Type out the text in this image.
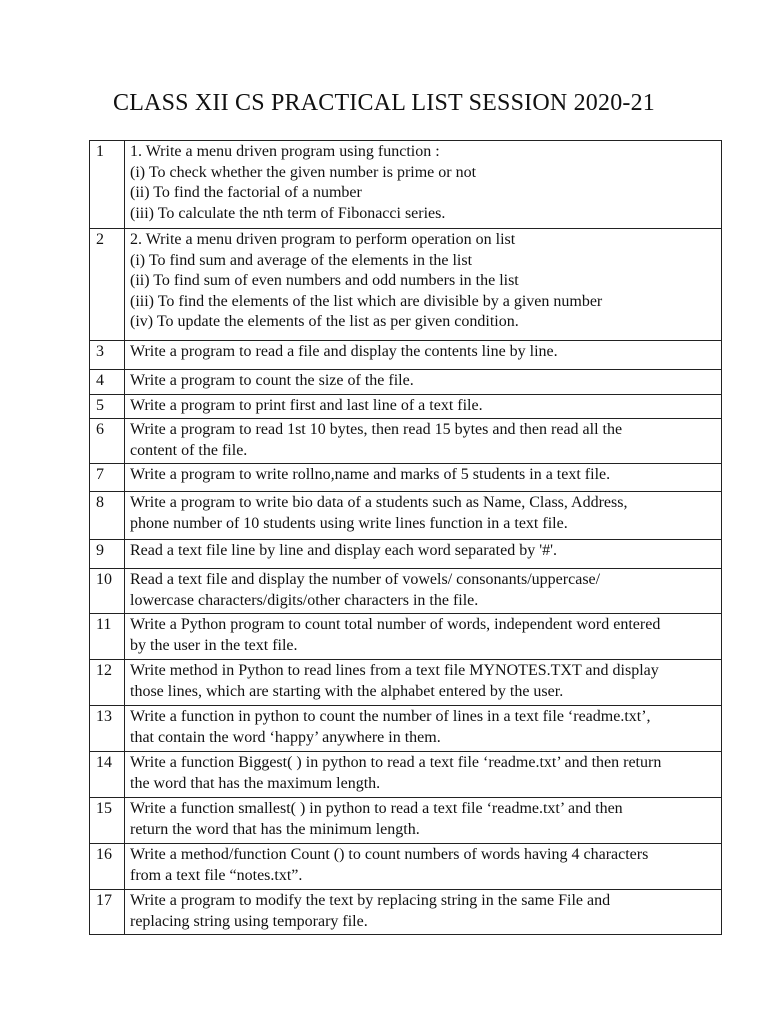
CLASS XII CS PRACTICAL LIST SESSION 2020-21
1	1. Write a menu driven program using function :
(i) To check whether the given number is prime or not
(ii) To find the factorial of a number
(iii) To calculate the nth term of Fibonacci series.

2	2. Write a menu driven program to perform operation on list
(i) To find sum and average of the elements in the list
(ii) To find sum of even numbers and odd numbers in the list
(iii) To find the elements of the list which are divisible by a given number
(iv) To update the elements of the list as per given condition.

3	Write a program to read a file and display the contents line by line.

4	Write a program to count the size of the file.

5	Write a program to print first and last line of a text file.

6	Write a program to read 1st 10 bytes, then read 15 bytes and then read all the
content of the file.

7	Write a program to write rollno,name and marks of 5 students in a text file.

8	Write a program to write bio data of a students such as Name, Class, Address,
phone number of 10 students using write lines function in a text file.

9	Read a text file line by line and display each word separated by '#'.

10	Read a text file and display the number of vowels/ consonants/uppercase/
lowercase characters/digits/other characters in the file.

11	Write a Python program to count total number of words, independent word entered
by the user in the text file.

12	Write method in Python to read lines from a text file MYNOTES.TXT and display
those lines, which are starting with the alphabet entered by the user.

13	Write a function in python to count the number of lines in a text file ‘readme.txt’,
that contain the word ‘happy’ anywhere in them.

14	Write a function Biggest( ) in python to read a text file ‘readme.txt’ and then return
the word that has the maximum length.

15	Write a function smallest( ) in python to read a text file ‘readme.txt’ and then
return the word that has the minimum length.

16	Write a method/function Count () to count numbers of words having 4 characters
from a text file “notes.txt”.

17	Write a program to modify the text by replacing string in the same File and
replacing string using temporary file.
